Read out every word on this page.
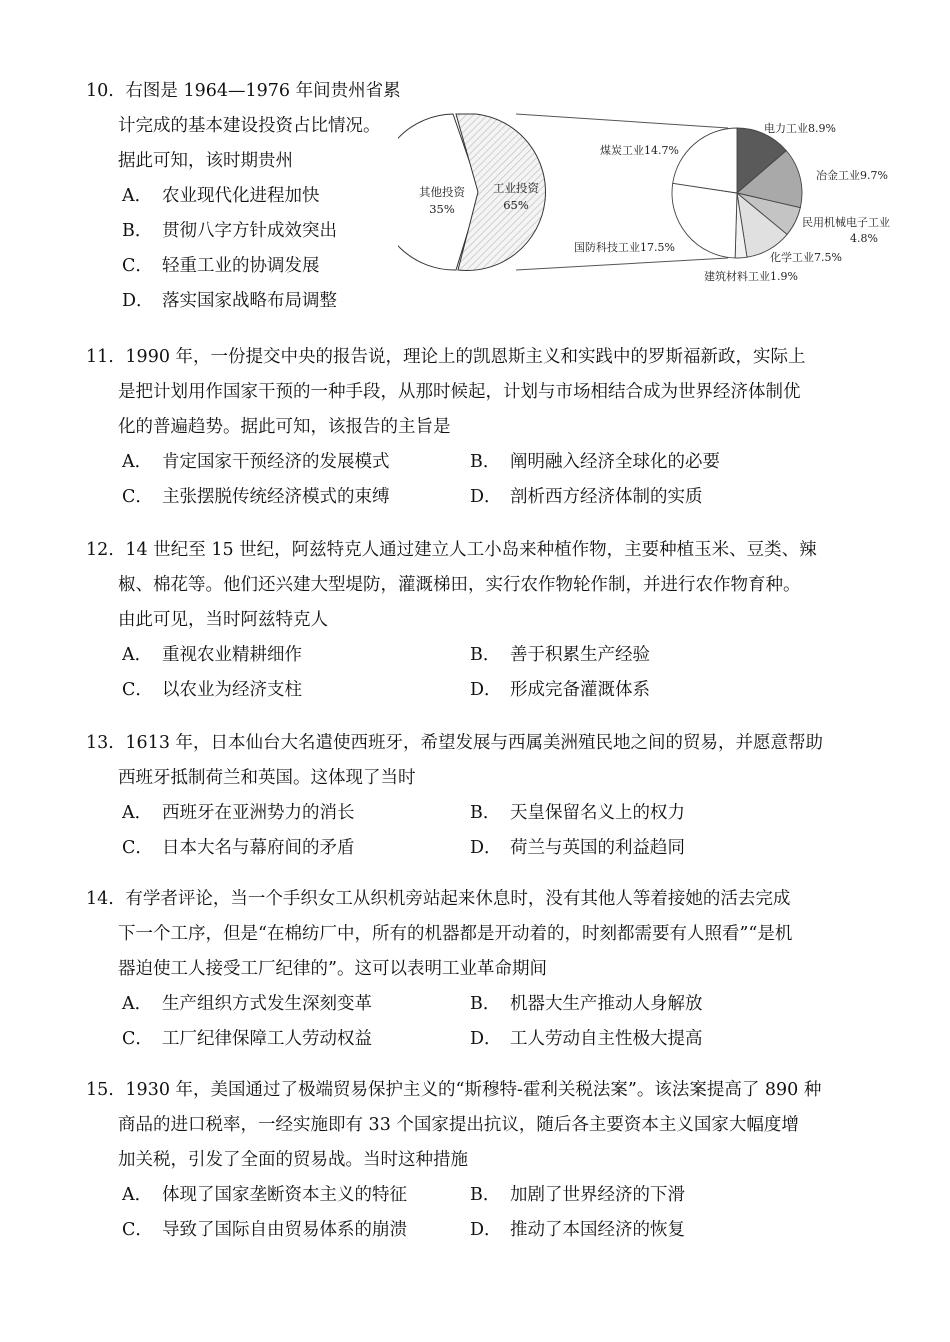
10. 右图是 1964—1976 年间贵州省累
计完成的基本建设投资占比情况。
据此可知，该时期贵州
A． 农业现代化进程加快
B． 贯彻八字方针成效突出
C． 轻重工业的协调发展
D． 落实国家战略布局调整
其他投资
35%
工业投资
65%
电力工业8.9%
冶金工业9.7%
民用机械电子工业
4.8%
化学工业7.5%
建筑材料工业1.9%
国防科技工业17.5%
煤炭工业14.7%
11. 1990 年，一份提交中央的报告说，理论上的凯恩斯主义和实践中的罗斯福新政，实际上
是把计划用作国家干预的一种手段，从那时候起，计划与市场相结合成为世界经济体制优
化的普遍趋势。据此可知，该报告的主旨是
A． 肯定国家干预经济的发展模式	B． 阐明融入经济全球化的必要
C． 主张摆脱传统经济模式的束缚	D． 剖析西方经济体制的实质
12. 14 世纪至 15 世纪，阿兹特克人通过建立人工小岛来种植作物，主要种植玉米、豆类、辣
椒、棉花等。他们还兴建大型堤防，灌溉梯田，实行农作物轮作制，并进行农作物育种。
由此可见，当时阿兹特克人
A． 重视农业精耕细作	B． 善于积累生产经验
C． 以农业为经济支柱	D． 形成完备灌溉体系
13. 1613 年，日本仙台大名遣使西班牙，希望发展与西属美洲殖民地之间的贸易，并愿意帮助
西班牙抵制荷兰和英国。这体现了当时
A． 西班牙在亚洲势力的消长	B． 天皇保留名义上的权力
C． 日本大名与幕府间的矛盾	D． 荷兰与英国的利益趋同
14. 有学者评论，当一个手织女工从织机旁站起来休息时，没有其他人等着接她的活去完成
下一个工序，但是“在棉纺厂中，所有的机器都是开动着的，时刻都需要有人照看”“是机
器迫使工人接受工厂纪律的”。这可以表明工业革命期间
A． 生产组织方式发生深刻变革	B． 机器大生产推动人身解放
C． 工厂纪律保障工人劳动权益	D． 工人劳动自主性极大提高
15. 1930 年，美国通过了极端贸易保护主义的“斯穆特-霍利关税法案”。该法案提高了 890 种
商品的进口税率，一经实施即有 33 个国家提出抗议，随后各主要资本主义国家大幅度增
加关税，引发了全面的贸易战。当时这种措施
A． 体现了国家垄断资本主义的特征	B． 加剧了世界经济的下滑
C． 导致了国际自由贸易体系的崩溃	D． 推动了本国经济的恢复
